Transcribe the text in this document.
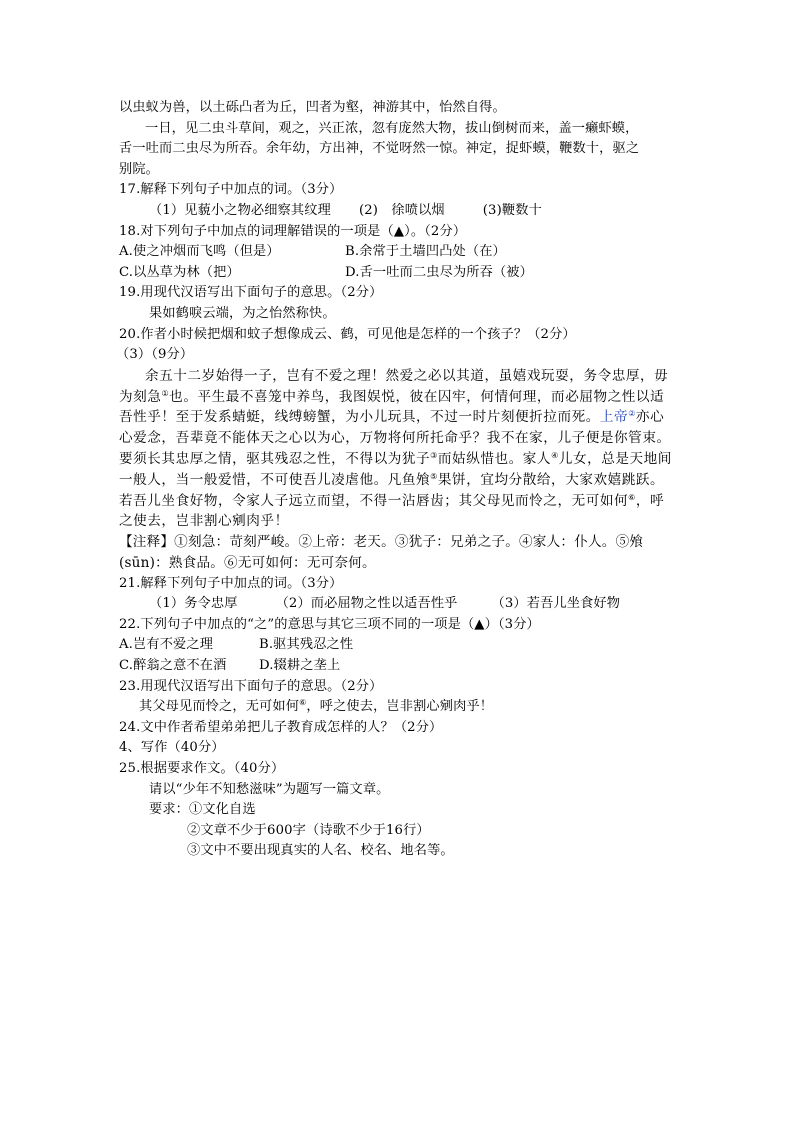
以虫蚁为兽，以土砾凸者为丘，凹者为壑，神游其中，怡然自得。
一日，见二虫斗草间，观之，兴正浓，忽有庞然大物，拔山倒树而来，盖一癞虾蟆，
舌一吐而二虫尽为所吞。余年幼，方出神，不觉呀然一惊。神定，捉虾蟆，鞭数十，驱之
别院。
17.解释下列句子中加点的词。（3分）
（1）见藐小之物必细察其纹理 (2)　徐喷以烟	(3)鞭数十
18.对下列句子中加点的词理解错误的一项是（▲）。（2分）
A.使之冲烟而飞鸣（但是）	B.余常于土墙凹凸处（在）
C.以丛草为林（把）	D.舌一吐而二虫尽为所吞（被）
19.用现代汉语写出下面句子的意思。（2分）
果如鹤唳云端，为之怡然称快。
20.作者小时候把烟和蚊子想像成云、鹤，可见他是怎样的一个孩子？（2分）
（3）（9分）
余五十二岁始得一子，岂有不爱之理！然爱之必以其道，虽嬉戏玩耍，务令忠厚，毋
为刻急①也。平生最不喜笼中养鸟，我图娱悦，彼在囚牢，何情何理，而必屈物之性以适
吾性乎！至于发系蜻蜓，线缚螃蟹，为小儿玩具，不过一时片刻便折拉而死。上帝②亦心
心爱念，吾辈竟不能体天之心以为心，万物将何所托命乎？我不在家，儿子便是你管束。
要须长其忠厚之情，驱其残忍之性，不得以为犹子③而姑纵惜也。家人④儿女，总是天地间
一般人，当一般爱惜，不可使吾儿凌虐他。凡鱼飧⑤果饼，宜均分散给，大家欢嬉跳跃。
若吾儿坐食好物，令家人子远立而望，不得一沾唇齿；其父母见而怜之，无可如何⑥，呼
之使去，岂非割心剜肉乎！
【注释】①刻急：苛刻严峻。②上帝：老天。③犹子：兄弟之子。④家人：仆人。⑤飧
(sūn)：熟食品。⑥无可如何：无可奈何。
21.解释下列句子中加点的词。（3分）
（1）务令忠厚	（2）而必屈物之性以适吾性乎	（3）若吾儿坐食好物
22.下列句子中加点的“之”的意思与其它三项不同的一项是（▲）（3分）
A.岂有不爱之理	B.驱其残忍之性
C.醉翁之意不在酒	D.辍耕之垄上
23.用现代汉语写出下面句子的意思。（2分）
其父母见而怜之，无可如何⑥，呼之使去，岂非割心剜肉乎！
24.文中作者希望弟弟把儿子教育成怎样的人？（2分）
4、写作（40分）
25.根据要求作文。（40分）
请以“少年不知愁滋味”为题写一篇文章。
要求：①文化自选
②文章不少于600字（诗歌不少于16行）
③文中不要出现真实的人名、校名、地名等。
